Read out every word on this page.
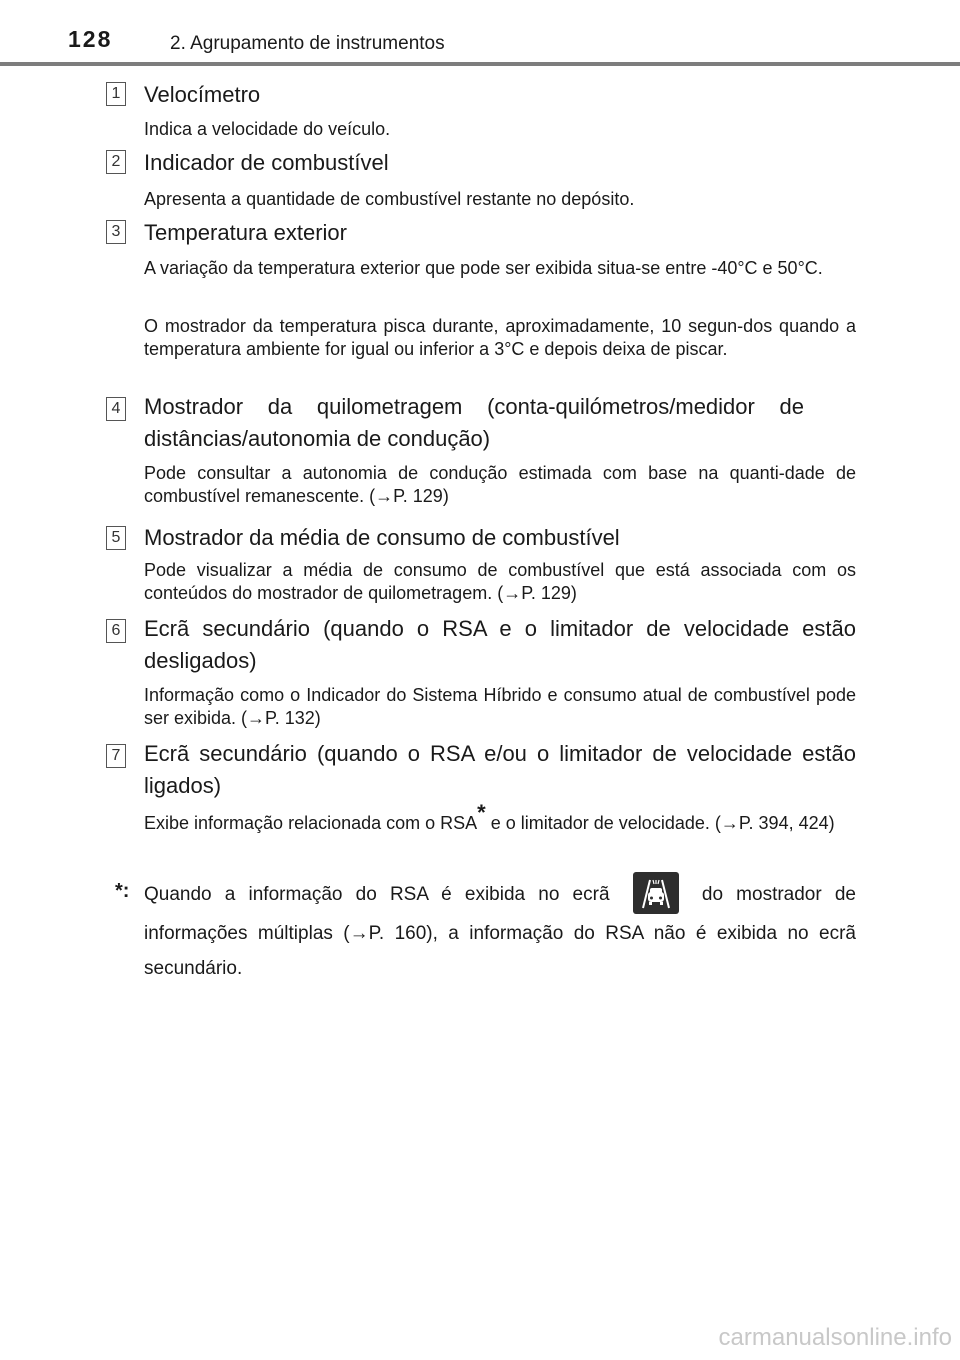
128	2. Agrupamento de instrumentos
1 Velocímetro
Indica a velocidade do veículo.
2 Indicador de combustível
Apresenta a quantidade de combustível restante no depósito.
3 Temperatura exterior
A variação da temperatura exterior que pode ser exibida situa-se entre -40°C e 50°C.
O mostrador da temperatura pisca durante, aproximadamente, 10 segun-dos quando a temperatura ambiente for igual ou inferior a 3°C e depois deixa de piscar.
4 Mostrador da quilometragem (conta-quilómetros/medidor de distâncias/autonomia de condução)
Pode consultar a autonomia de condução estimada com base na quanti-dade de combustível remanescente. (→P. 129)
5 Mostrador da média de consumo de combustível
Pode visualizar a média de consumo de combustível que está associada com os conteúdos do mostrador de quilometragem. (→P. 129)
6 Ecrã secundário (quando o RSA e o limitador de velocidade estão desligados)
Informação como o Indicador do Sistema Híbrido e consumo atual de combustível pode ser exibida. (→P. 132)
7 Ecrã secundário (quando o RSA e/ou o limitador de velocidade estão ligados)
Exibe informação relacionada com o RSA* e o limitador de velocidade. (→P. 394, 424)
*: Quando a informação do RSA é exibida no ecrã	do mostrador de informações múltiplas (→P. 160), a informação do RSA não é exibida no ecrã secundário.
carmanualsonline.info
